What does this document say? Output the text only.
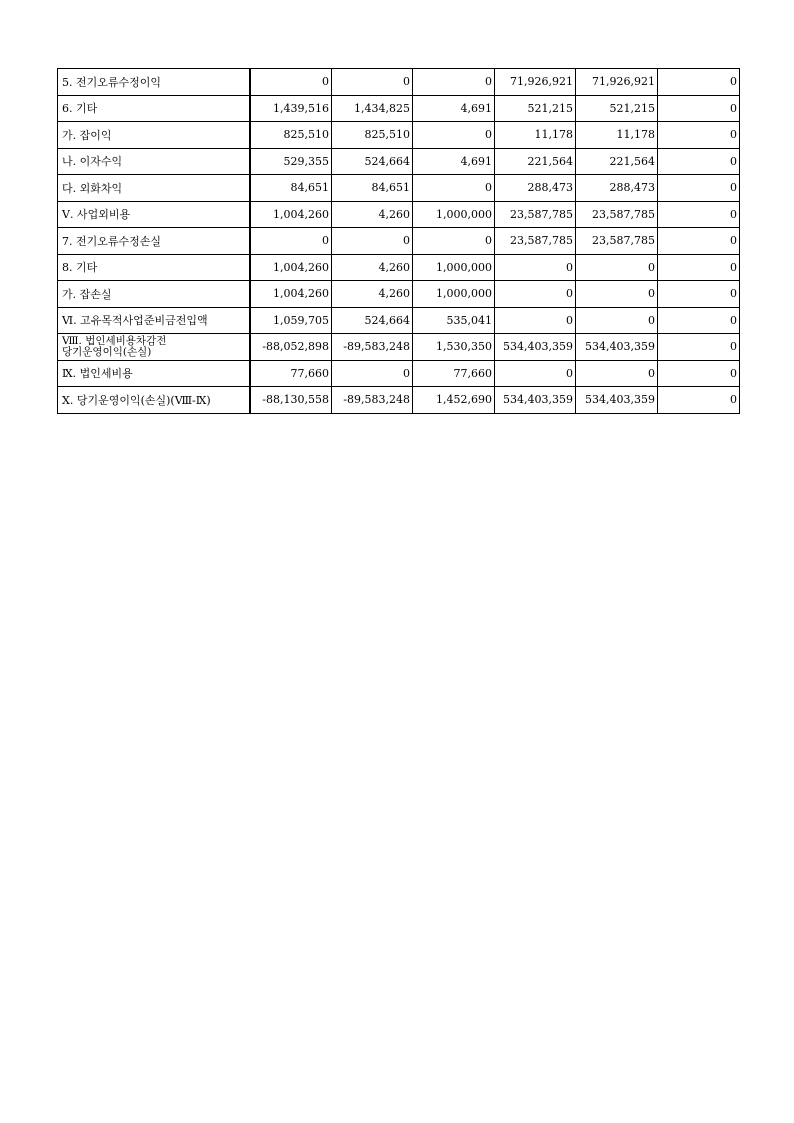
5. 전기오류수정이익	0	0	0	71,926,921	71,926,921	0
6. 기타	1,439,516	1,434,825	4,691	521,215	521,215	0
가. 잡이익	825,510	825,510	0	11,178	11,178	0
나. 이자수익	529,355	524,664	4,691	221,564	221,564	0
다. 외화차익	84,651	84,651	0	288,473	288,473	0
Ⅴ. 사업외비용	1,004,260	4,260	1,000,000	23,587,785	23,587,785	0
7. 전기오류수정손실	0	0	0	23,587,785	23,587,785	0
8. 기타	1,004,260	4,260	1,000,000	0	0	0
가. 잡손실	1,004,260	4,260	1,000,000	0	0	0
Ⅵ. 고유목적사업준비금전입액	1,059,705	524,664	535,041	0	0	0

Ⅷ. 법인세비용차감전
당기운영이익(손실)	-88,052,898	-89,583,248	1,530,350	534,403,359	534,403,359	0
Ⅸ. 법인세비용	77,660	0	77,660	0	0	0
Ⅹ. 당기운영이익(손실)(Ⅷ-Ⅸ)	-88,130,558	-89,583,248	1,452,690	534,403,359	534,403,359	0
